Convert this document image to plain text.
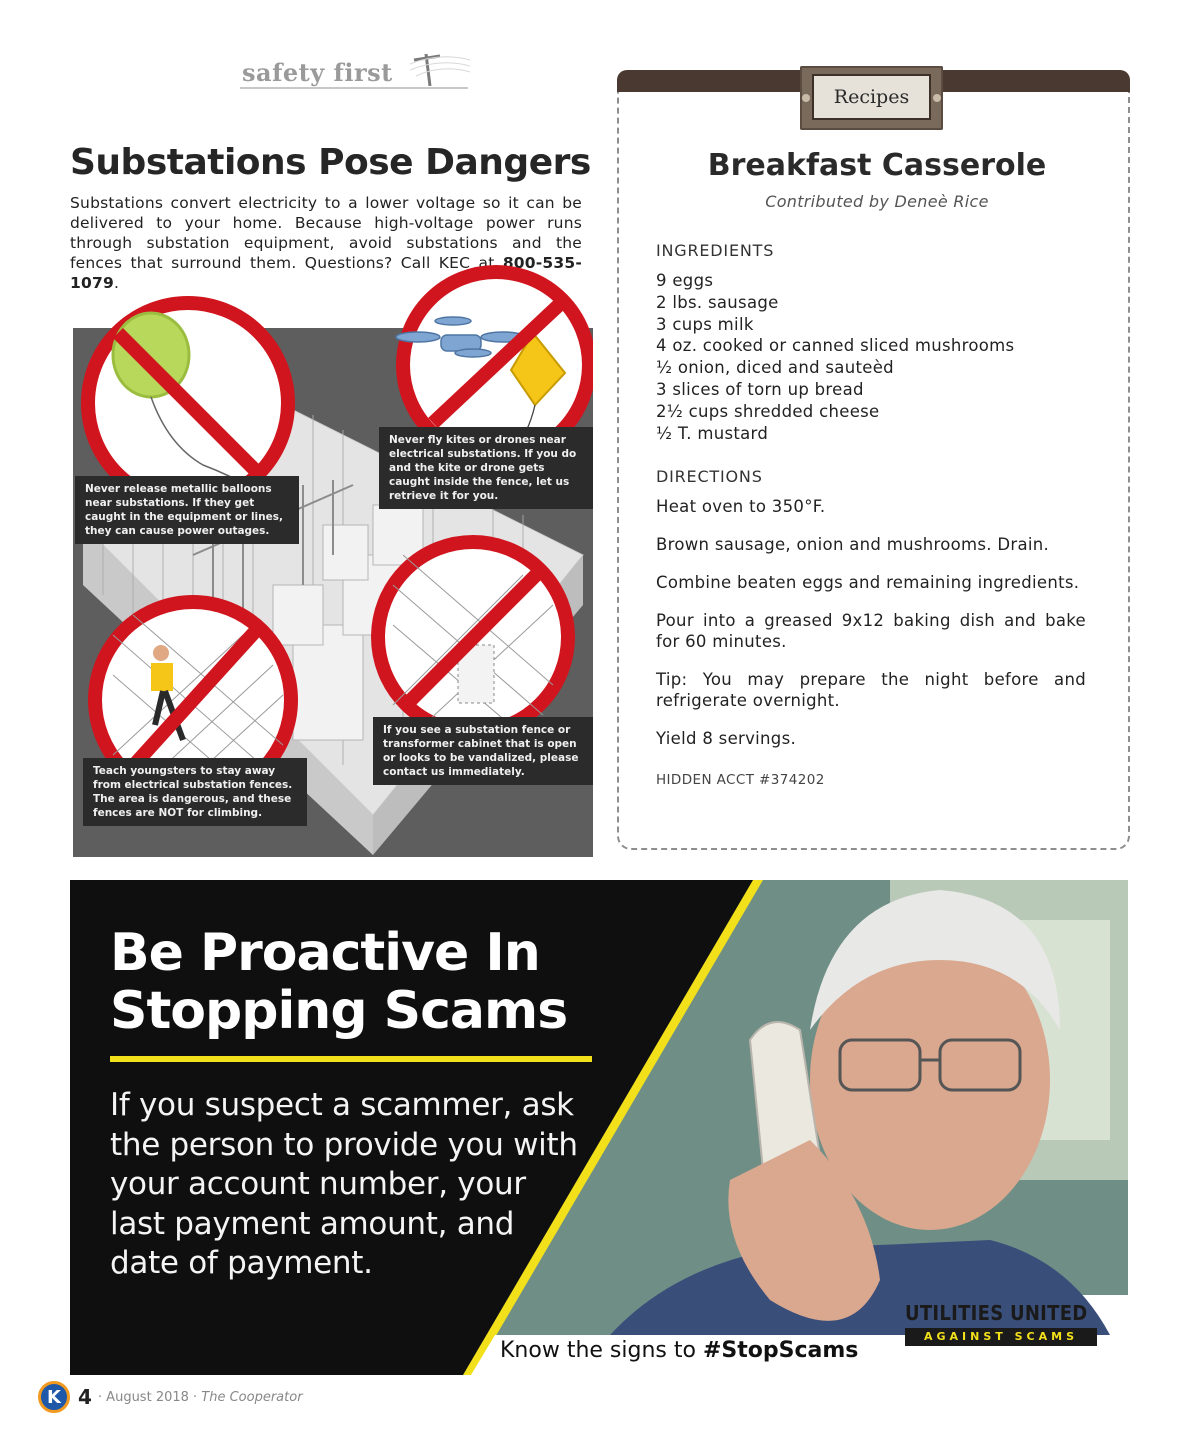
safety first
Substations Pose Dangers

Substations convert electricity to a lower voltage so it can be delivered to your home. Because high-voltage power runs through substation equipment, avoid substations and the fences that surround them. Questions? Call KEC at 800-535-1079.

Never release metallic balloons near substations. If they get caught in the equipment or lines, they can cause power outages.
Never fly kites or drones near electrical substations. If you do and the kite or drone gets caught inside the fence, let us retrieve it for you.
Teach youngsters to stay away from electrical substation fences. The area is dangerous, and these fences are NOT for climbing.
If you see a substation fence or transformer cabinet that is open or looks to be vandalized, please contact us immediately.
Recipes
Breakfast Casserole
Contributed by Deneè Rice
INGREDIENTS
9 eggs
2 lbs. sausage
3 cups milk
4 oz. cooked or canned sliced mushrooms
½ onion, diced and sauteèd
3 slices of torn up bread
2½ cups shredded cheese
½ T. mustard
DIRECTIONS
Heat oven to 350°F.
Brown sausage, onion and mushrooms. Drain.
Combine beaten eggs and remaining ingredients.
Pour into a greased 9x12 baking dish and bake for 60 minutes.
Tip: You may prepare the night before and refrigerate overnight.
Yield 8 servings.
HIDDEN ACCT #374202
Be Proactive In
Stopping Scams

If you suspect a scammer, ask the person to provide you with your account number, your last payment amount, and date of payment.

Know the signs to #StopScams
UTILITIES UNITED
AGAINST SCAMS
K 4 · August 2018 · The Cooperator
